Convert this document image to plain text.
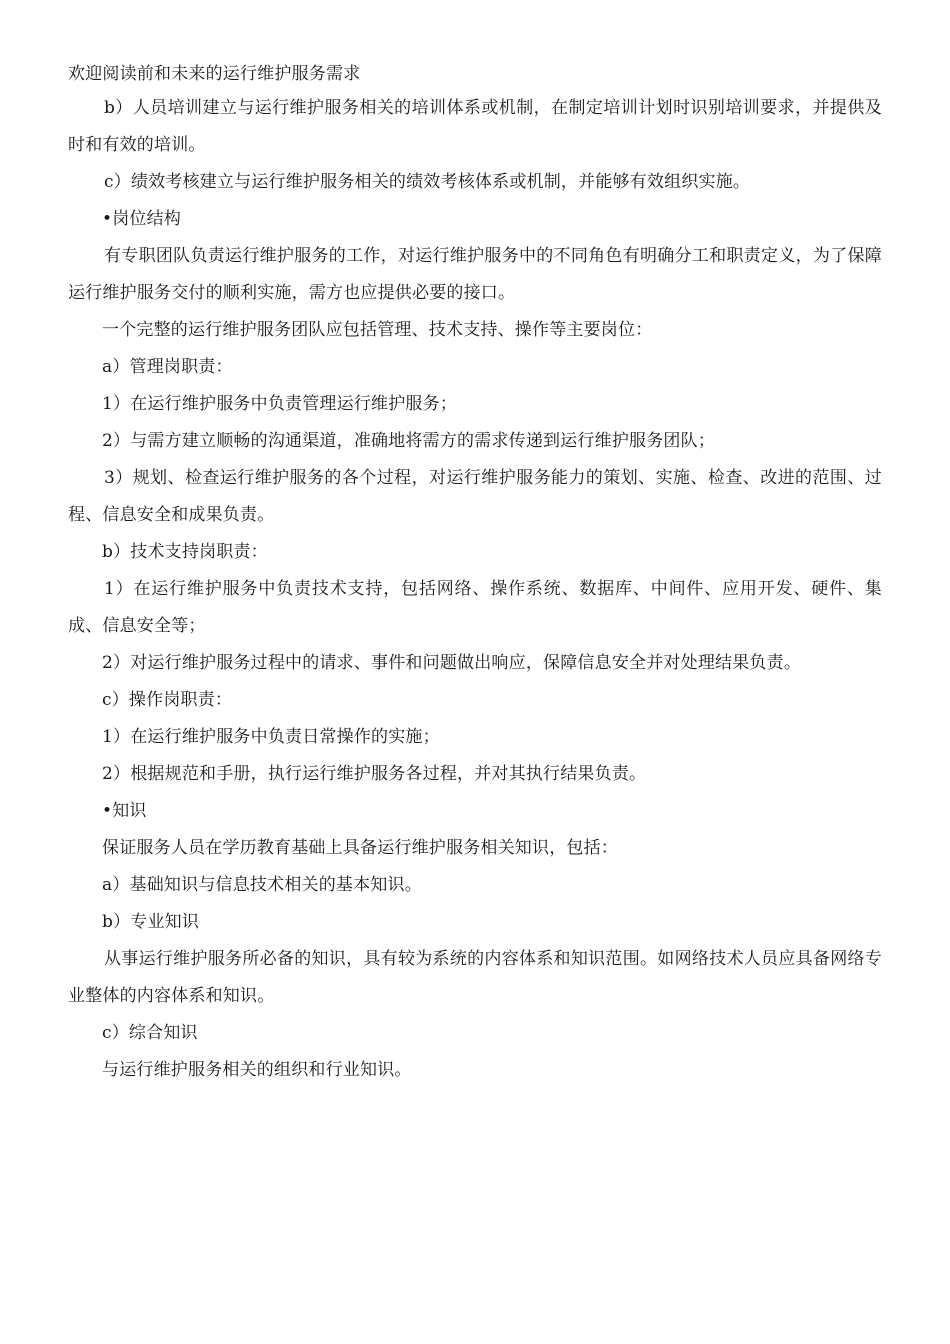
欢迎阅读前和未来的运行维护服务需求

b）人员培训建立与运行维护服务相关的培训体系或机制，在制定培训计划时识别培训要求，并提供及时和有效的培训。

c）绩效考核建立与运行维护服务相关的绩效考核体系或机制，并能够有效组织实施。

•岗位结构

有专职团队负责运行维护服务的工作，对运行维护服务中的不同角色有明确分工和职责定义，为了保障运行维护服务交付的顺利实施，需方也应提供必要的接口。

一个完整的运行维护服务团队应包括管理、技术支持、操作等主要岗位：

a）管理岗职责：

1）在运行维护服务中负责管理运行维护服务；

2）与需方建立顺畅的沟通渠道，准确地将需方的需求传递到运行维护服务团队；

3）规划、检查运行维护服务的各个过程，对运行维护服务能力的策划、实施、检查、改进的范围、过程、信息安全和成果负责。

b）技术支持岗职责：

1）在运行维护服务中负责技术支持，包括网络、操作系统、数据库、中间件、应用开发、硬件、集成、信息安全等；

2）对运行维护服务过程中的请求、事件和问题做出响应，保障信息安全并对处理结果负责。

c）操作岗职责：

1）在运行维护服务中负责日常操作的实施；

2）根据规范和手册，执行运行维护服务各过程，并对其执行结果负责。

•知识

保证服务人员在学历教育基础上具备运行维护服务相关知识，包括：

a）基础知识与信息技术相关的基本知识。

b）专业知识

从事运行维护服务所必备的知识，具有较为系统的内容体系和知识范围。如网络技术人员应具备网络专业整体的内容体系和知识。

c）综合知识

与运行维护服务相关的组织和行业知识。
